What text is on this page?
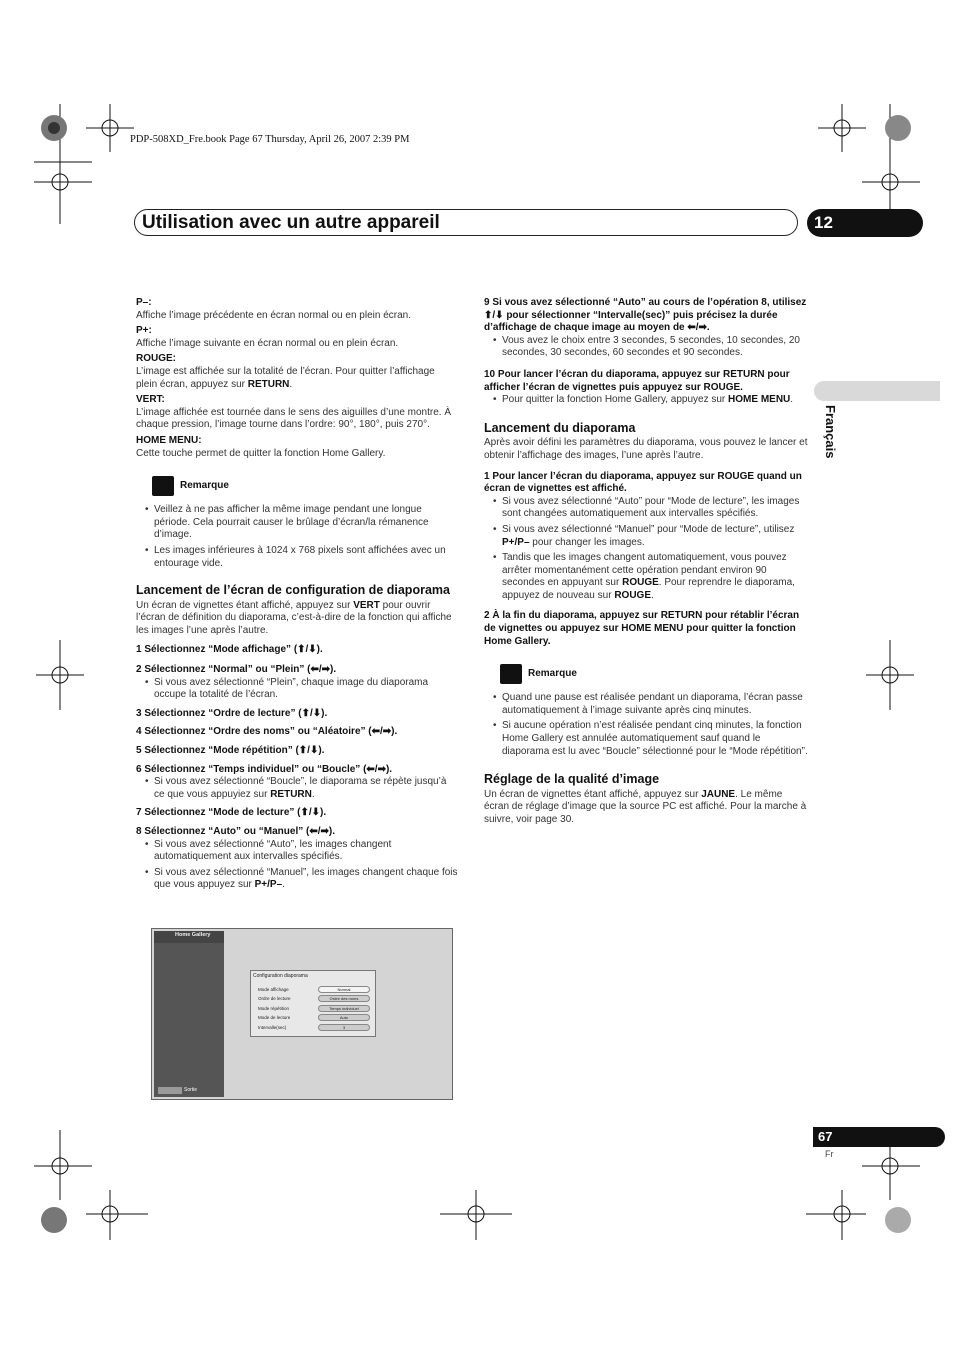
PDP-508XD_Fre.book Page 67 Thursday, April 26, 2007 2:39 PM
Utilisation avec un autre appareil	12
Français
P–:
Affiche l’image précédente en écran normal ou en plein écran.
P+:
Affiche l’image suivante en écran normal ou en plein écran.
ROUGE:
L’image est affichée sur la totalité de l’écran. Pour quitter l’affichage plein écran, appuyez sur RETURN.
VERT:
L’image affichée est tournée dans le sens des aiguilles d’une montre. À chaque pression, l’image tourne dans l’ordre: 90°, 180°, puis 270°.
HOME MENU:
Cette touche permet de quitter la fonction Home Gallery.
Remarque
• Veillez à ne pas afficher la même image pendant une longue période. Cela pourrait causer le brûlage d’écran/la rémanence d’image.
• Les images inférieures à 1024 x 768 pixels sont affichées avec un entourage vide.
Lancement de l’écran de configuration de diaporama
Un écran de vignettes étant affiché, appuyez sur VERT pour ouvrir l’écran de définition du diaporama, c’est-à-dire de la fonction qui affiche les images l’une après l’autre.
1 Sélectionnez “Mode affichage” (⬆/⬇).
2 Sélectionnez “Normal” ou “Plein” (⬅/➡).
• Si vous avez sélectionné “Plein”, chaque image du diaporama occupe la totalité de l’écran.
3 Sélectionnez “Ordre de lecture” (⬆/⬇).
4 Sélectionnez “Ordre des noms” ou “Aléatoire” (⬅/➡).
5 Sélectionnez “Mode répétition” (⬆/⬇).
6 Sélectionnez “Temps individuel” ou “Boucle” (⬅/➡).
• Si vous avez sélectionné “Boucle”, le diaporama se répète jusqu’à ce que vous appuyiez sur RETURN.
7 Sélectionnez “Mode de lecture” (⬆/⬇).
8 Sélectionnez “Auto” ou “Manuel” (⬅/➡).
• Si vous avez sélectionné “Auto”, les images changent automatiquement aux intervalles spécifiés.
• Si vous avez sélectionné “Manuel”, les images changent chaque fois que vous appuyez sur P+/P–.
Home Gallery
Configuration diaporama
Mode affichage	Normal
Ordre de lecture	Ordre des noms
Mode répétition	Temps individuel
Mode de lecture	Auto
Intervalle(sec)	3
Sortie
9 Si vous avez sélectionné “Auto” au cours de l’opération 8, utilisez ⬆/⬇ pour sélectionner “Intervalle(sec)” puis précisez la durée d’affichage de chaque image au moyen de ⬅/➡.
• Vous avez le choix entre 3 secondes, 5 secondes, 10 secondes, 20 secondes, 30 secondes, 60 secondes et 90 secondes.
10 Pour lancer l’écran du diaporama, appuyez sur RETURN pour afficher l’écran de vignettes puis appuyez sur ROUGE.
• Pour quitter la fonction Home Gallery, appuyez sur HOME MENU.
Lancement du diaporama
Après avoir défini les paramètres du diaporama, vous pouvez le lancer et obtenir l’affichage des images, l’une après l’autre.
1 Pour lancer l’écran du diaporama, appuyez sur ROUGE quand un écran de vignettes est affiché.
• Si vous avez sélectionné “Auto” pour “Mode de lecture”, les images sont changées automatiquement aux intervalles spécifiés.
• Si vous avez sélectionné “Manuel” pour “Mode de lecture”, utilisez P+/P– pour changer les images.
• Tandis que les images changent automatiquement, vous pouvez arrêter momentanément cette opération pendant environ 90 secondes en appuyant sur ROUGE. Pour reprendre le diaporama, appuyez de nouveau sur ROUGE.
2 À la fin du diaporama, appuyez sur RETURN pour rétablir l’écran de vignettes ou appuyez sur HOME MENU pour quitter la fonction Home Gallery.
Remarque
• Quand une pause est réalisée pendant un diaporama, l’écran passe automatiquement à l’image suivante après cinq minutes.
• Si aucune opération n’est réalisée pendant cinq minutes, la fonction Home Gallery est annulée automatiquement sauf quand le diaporama est lu avec “Boucle” sélectionné pour le “Mode répétition”.
Réglage de la qualité d’image
Un écran de vignettes étant affiché, appuyez sur JAUNE. Le même écran de réglage d’image que la source PC est affiché. Pour la marche à suivre, voir page 30.
67
Fr
